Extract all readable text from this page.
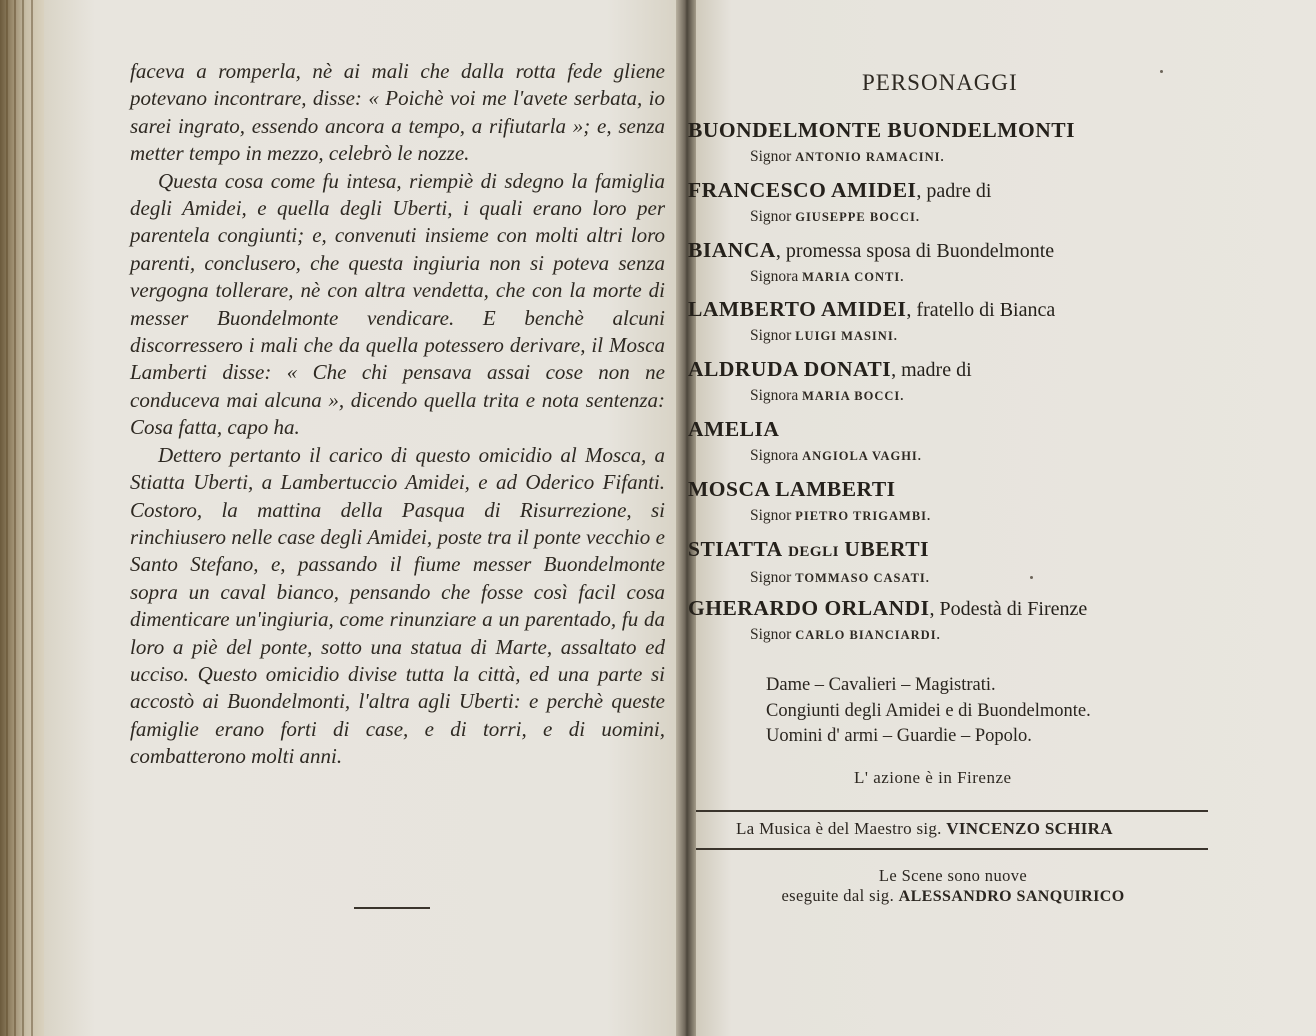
faceva a romperla, nè ai mali che dalla rotta fede gliene potevano incontrare, disse: « Poichè voi me l'avete serbata, io sarei ingrato, essendo ancora a tempo, a rifiutarla »; e, senza metter tempo in mezzo, celebrò le nozze.

Questa cosa come fu intesa, riempiè di sdegno la famiglia degli Amidei, e quella degli Uberti, i quali erano loro per parentela congiunti; e, convenuti insieme con molti altri loro parenti, conclusero, che questa ingiuria non si poteva senza vergogna tollerare, nè con altra vendetta, che con la morte di messer Buondelmonte vendicare. E benchè alcuni discorressero i mali che da quella potessero derivare, il Mosca Lamberti disse: « Che chi pensava assai cose non ne conduceva mai alcuna », dicendo quella trita e nota sentenza: Cosa fatta, capo ha.

Dettero pertanto il carico di questo omicidio al Mosca, a Stiatta Uberti, a Lambertuccio Amidei, e ad Oderico Fifanti. Costoro, la mattina della Pasqua di Risurrezione, si rinchiusero nelle case degli Amidei, poste tra il ponte vecchio e Santo Stefano, e, passando il fiume messer Buondelmonte sopra un caval bianco, pensando che fosse così facil cosa dimenticare un'ingiuria, come rinunziare a un parentado, fu da loro a piè del ponte, sotto una statua di Marte, assaltato ed ucciso. Questo omicidio divise tutta la città, ed una parte si accostò ai Buondelmonti, l'altra agli Uberti: e perchè queste famiglie erano forti di case, e di torri, e di uomini, combatterono molti anni.

PERSONAGGI
BUONDELMONTE BUONDELMONTI
Signor ANTONIO RAMACINI.
FRANCESCO AMIDEI, padre di
Signor GIUSEPPE BOCCI.
BIANCA, promessa sposa di Buondelmonte
Signora MARIA CONTI.
LAMBERTO AMIDEI, fratello di Bianca
Signor LUIGI MASINI.
ALDRUDA DONATI, madre di
Signora MARIA BOCCI.
AMELIA
Signora ANGIOLA VAGHI.
MOSCA LAMBERTI
Signor PIETRO TRIGAMBI.
STIATTA DEGLI UBERTI
Signor TOMMASO CASATI.
GHERARDO ORLANDI, Podestà di Firenze
Signor CARLO BIANCIARDI.
Dame – Cavalieri – Magistrati.
Congiunti degli Amidei e di Buondelmonte.
Uomini d' armi – Guardie – Popolo.
L' azione è in Firenze
La Musica è del Maestro sig. VINCENZO SCHIRA
Le Scene sono nuove
eseguite dal sig. ALESSANDRO SANQUIRICO
